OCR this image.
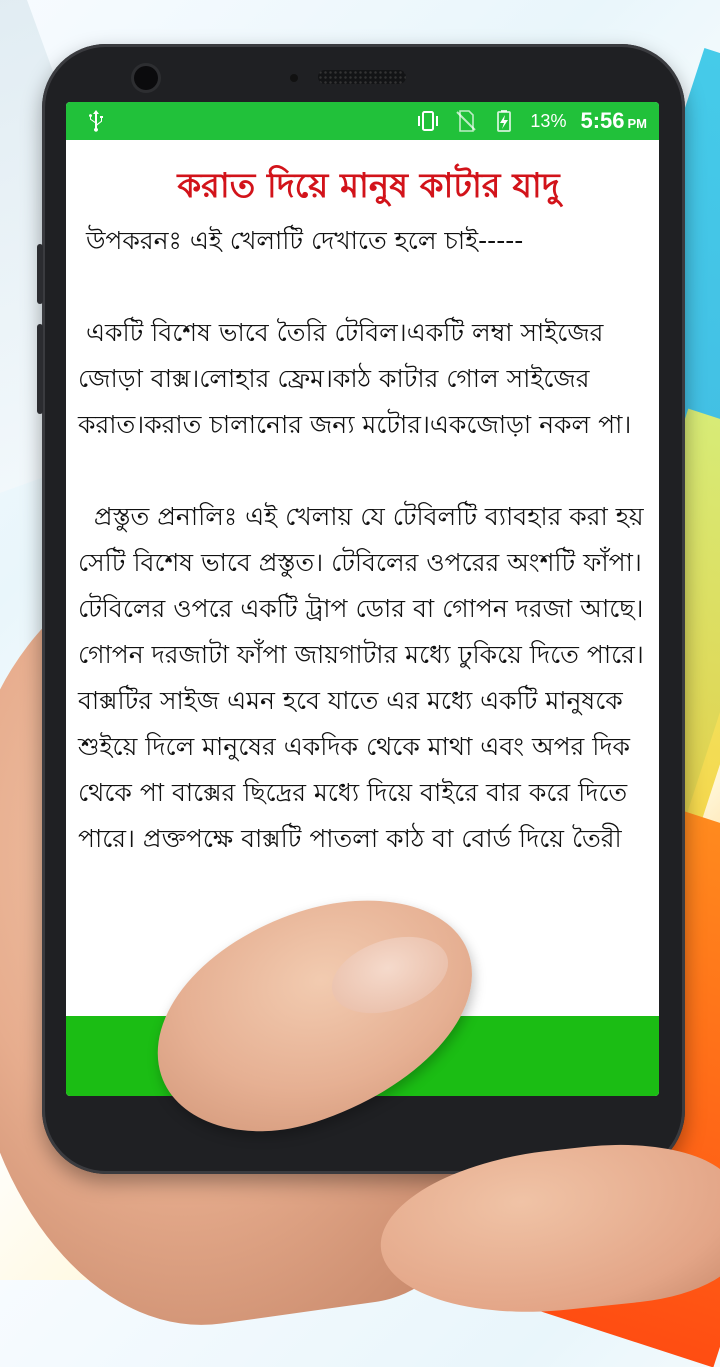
13% 5:56 PM
করাত দিয়ে মানুষ কাটার যাদু

উপকরনঃ এই খেলাটি দেখাতে হলে চাই-----

একটি বিশেষ ভাবে তৈরি টেবিল।একটি লম্বা সাইজের জোড়া বাক্স।লোহার ফ্রেম।কাঠ কাটার গোল সাইজের করাত।করাত চালানোর জন্য মটোর।একজোড়া নকল পা।

প্রস্তুত প্রনালিঃ এই খেলায় যে টেবিলটি ব্যাবহার করা হয় সেটি বিশেষ ভাবে প্রস্তুত। টেবিলের ওপরের অংশটি ফাঁপা। টেবিলের ওপরে একটি ট্রাপ ডোর বা গোপন দরজা আছে।গোপন দরজাটা ফাঁপা জায়গাটার মধ্যে ঢুকিয়ে দিতে পারে।বাক্সটির সাইজ এমন হবে যাতে এর মধ্যে একটি মানুষকে শুইয়ে দিলে মানুষের একদিক থেকে মাথা এবং অপর দিক থেকে পা বাক্সের ছিদ্রের মধ্যে দিয়ে বাইরে বার করে দিতে পারে। প্রক্তপক্ষে বাক্সটি পাতলা কাঠ বা বোর্ড দিয়ে তৈরী
